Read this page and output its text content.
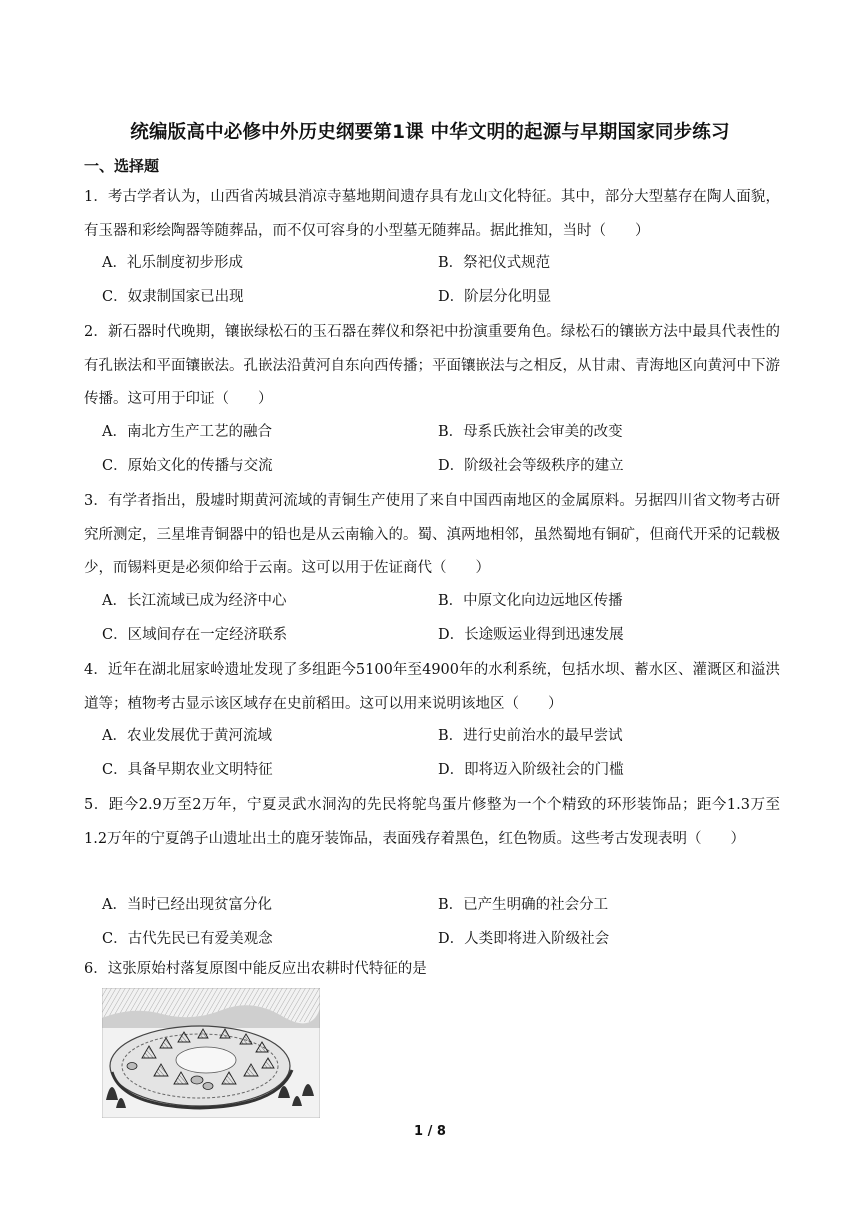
统编版高中必修中外历史纲要第1课 中华文明的起源与早期国家同步练习
一、选择题
1．考古学者认为，山西省芮城县消凉寺墓地期间遗存具有龙山文化特征。其中，部分大型墓存在陶人面貌，有玉器和彩绘陶器等随葬品，而不仅可容身的小型墓无随葬品。据此推知，当时（　　）
A．礼乐制度初步形成	B．祭祀仪式规范
C．奴隶制国家已出现	D．阶层分化明显
2．新石器时代晚期，镶嵌绿松石的玉石器在葬仪和祭祀中扮演重要角色。绿松石的镶嵌方法中最具代表性的有孔嵌法和平面镶嵌法。孔嵌法沿黄河自东向西传播；平面镶嵌法与之相反，从甘肃、青海地区向黄河中下游传播。这可用于印证（　　）
A．南北方生产工艺的融合	B．母系氏族社会审美的改变
C．原始文化的传播与交流	D．阶级社会等级秩序的建立
3．有学者指出，殷墟时期黄河流域的青铜生产使用了来自中国西南地区的金属原料。另据四川省文物考古研究所测定，三星堆青铜器中的铅也是从云南输入的。蜀、滇两地相邻，虽然蜀地有铜矿，但商代开采的记载极少，而锡料更是必须仰给于云南。这可以用于佐证商代（　　）
A．长江流域已成为经济中心	B．中原文化向边远地区传播
C．区域间存在一定经济联系	D．长途贩运业得到迅速发展
4．近年在湖北屈家岭遗址发现了多组距今5100年至4900年的水利系统，包括水坝、蓄水区、灌溉区和溢洪道等；植物考古显示该区域存在史前稻田。这可以用来说明该地区（　　）
A．农业发展优于黄河流域	B．进行史前治水的最早尝试
C．具备早期农业文明特征	D．即将迈入阶级社会的门槛
5．距今2.9万至2万年，宁夏灵武水洞沟的先民将鸵鸟蛋片修整为一个个精致的环形装饰品；距今1.3万至1.2万年的宁夏鸽子山遗址出土的鹿牙装饰品，表面残存着黑色，红色物质。这些考古发现表明（　　）
A．当时已经出现贫富分化	B．已产生明确的社会分工
C．古代先民已有爱美观念	D．人类即将进入阶级社会
6．这张原始村落复原图中能反应出农耕时代特征的是
1 / 8
